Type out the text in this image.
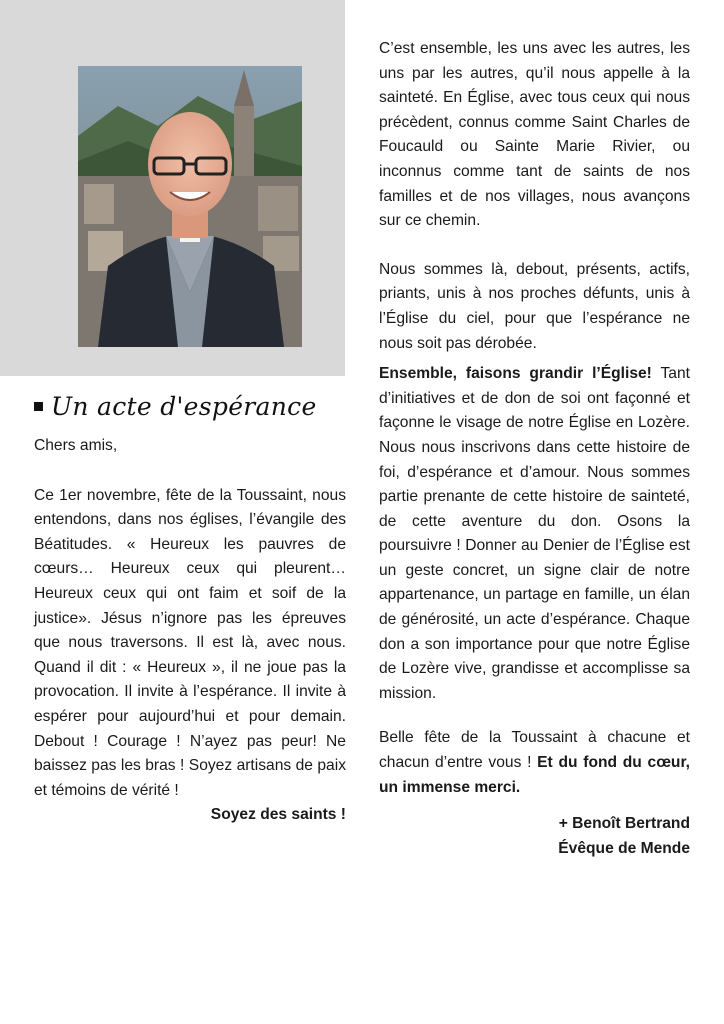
Un acte d'espérance

Chers amis,

Ce 1er novembre, fête de la Toussaint, nous entendons, dans nos églises, l’évangile des Béatitudes. « Heureux les pauvres de cœurs… Heureux ceux qui pleurent… Heureux ceux qui ont faim et soif de la justice». Jésus n’ignore pas les épreuves que nous traversons. Il est là, avec nous. Quand il dit : « Heureux », il ne joue pas la provocation. Il invite à l’espérance. Il invite à espérer pour aujourd’hui et pour demain. Debout ! Courage ! N’ayez pas peur! Ne baissez pas les bras ! Soyez artisans de paix et témoins de vérité !

Soyez des saints !

C’est ensemble, les uns avec les autres, les uns par les autres, qu’il nous appelle à la sainteté. En Église, avec tous ceux qui nous précèdent, connus comme Saint Charles de Foucauld ou Sainte Marie Rivier, ou inconnus comme tant de saints de nos familles et de nos villages, nous avançons sur ce chemin.

Nous sommes là, debout, présents, actifs, priants, unis à nos proches défunts, unis à l’Église du ciel, pour que l’espérance ne nous soit pas dérobée.

Ensemble, faisons grandir l’Église! Tant d’initiatives et de don de soi ont façonné et façonne le visage de notre Église en Lozère. Nous nous inscrivons dans cette histoire de foi, d’espérance et d’amour. Nous sommes partie prenante de cette histoire de sainteté, de cette aventure du don. Osons la poursuivre ! Donner au Denier de l’Église est un geste concret, un signe clair de notre appartenance, un partage en famille, un élan de générosité, un acte d’espérance. Chaque don a son importance pour que notre Église de Lozère vive, grandisse et accomplisse sa mission.

Belle fête de la Toussaint à chacune et chacun d’entre vous ! Et du fond du cœur, un immense merci.

+ Benoît Bertrand

Évêque de Mende
